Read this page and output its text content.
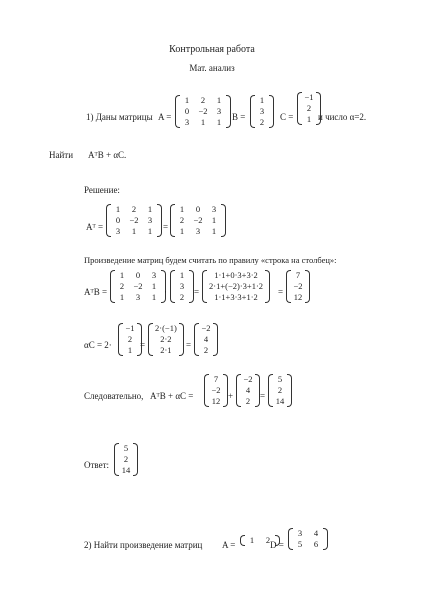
Контрольная работа
Мат. анализ
1) Даны матрицы A =
1	2	1
0	−2	3
3	1	1	B =
1
3
2	C =
−1
2
1 и число α=2.
Найти AᵀB + αC.
Решение:
Aᵀ =
1	2	1
0	−2	3
3	1	1	=
1	0	3
2	−2	1
1	3	1
Произведение матриц будем считать по правилу «строка на столбец»:
AᵀB =
1	0	3
2	−2	1
1	3	1 ·
1
3
2	=
1·1+0·3+3·2
2·1+(−2)·3+1·2
1·1+3·3+1·2	=
7
−2
12
αC = 2·
−1
2
1 =
2·(−1)
2·2
2·1	=
−2
4
2
Следовательно, AᵀB + αC =
7
−2
12 +
−2
4
2	=
5
2
14
Ответ:
5
2
14
2) Найти произведение матриц A =	1	2 D =
3	4
5	6
